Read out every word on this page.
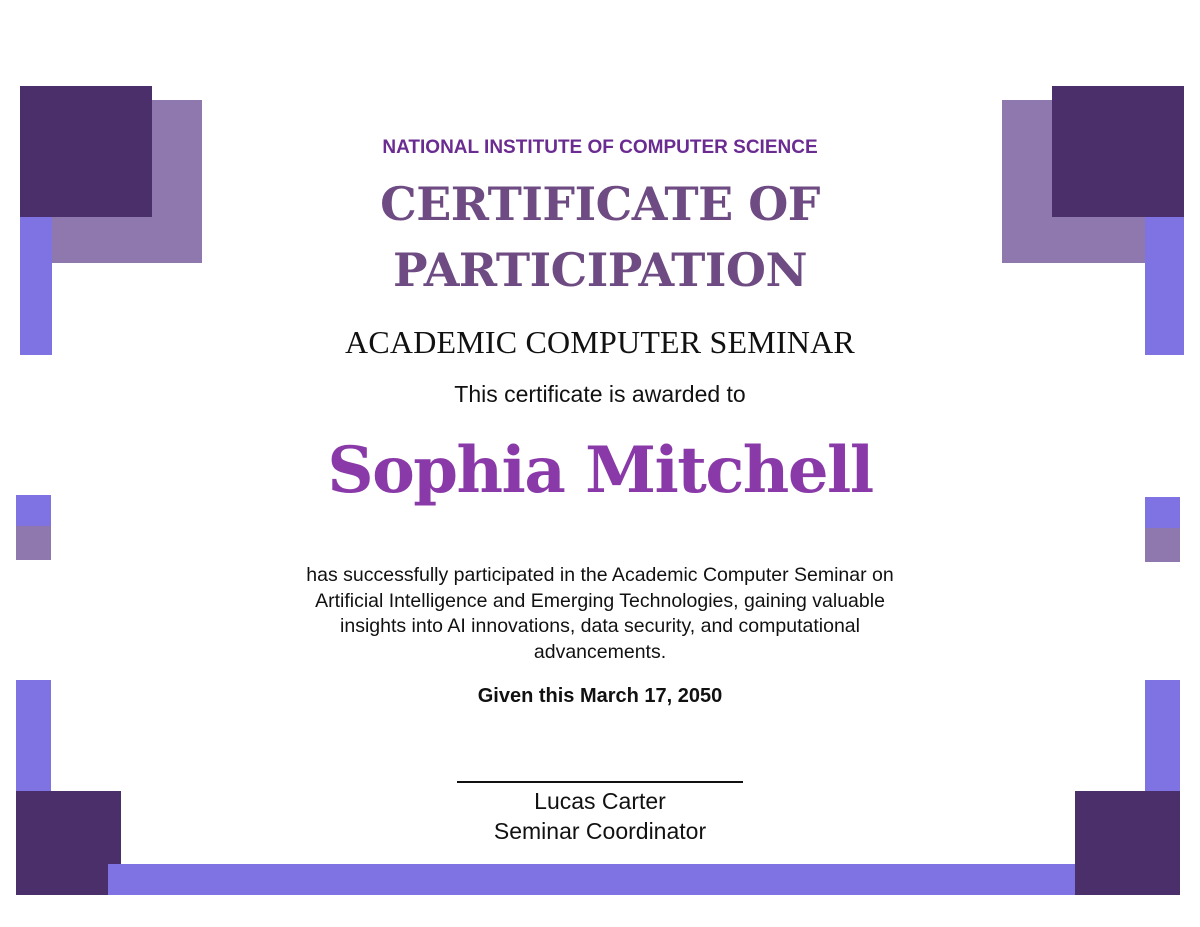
NATIONAL INSTITUTE OF COMPUTER SCIENCE
CERTIFICATE OF
PARTICIPATION
ACADEMIC COMPUTER SEMINAR
This certificate is awarded to
Sophia Mitchell
has successfully participated in the Academic Computer Seminar on Artificial Intelligence and Emerging Technologies, gaining valuable insights into AI innovations, data security, and computational advancements.
Given this March 17, 2050
Lucas Carter
Seminar Coordinator
